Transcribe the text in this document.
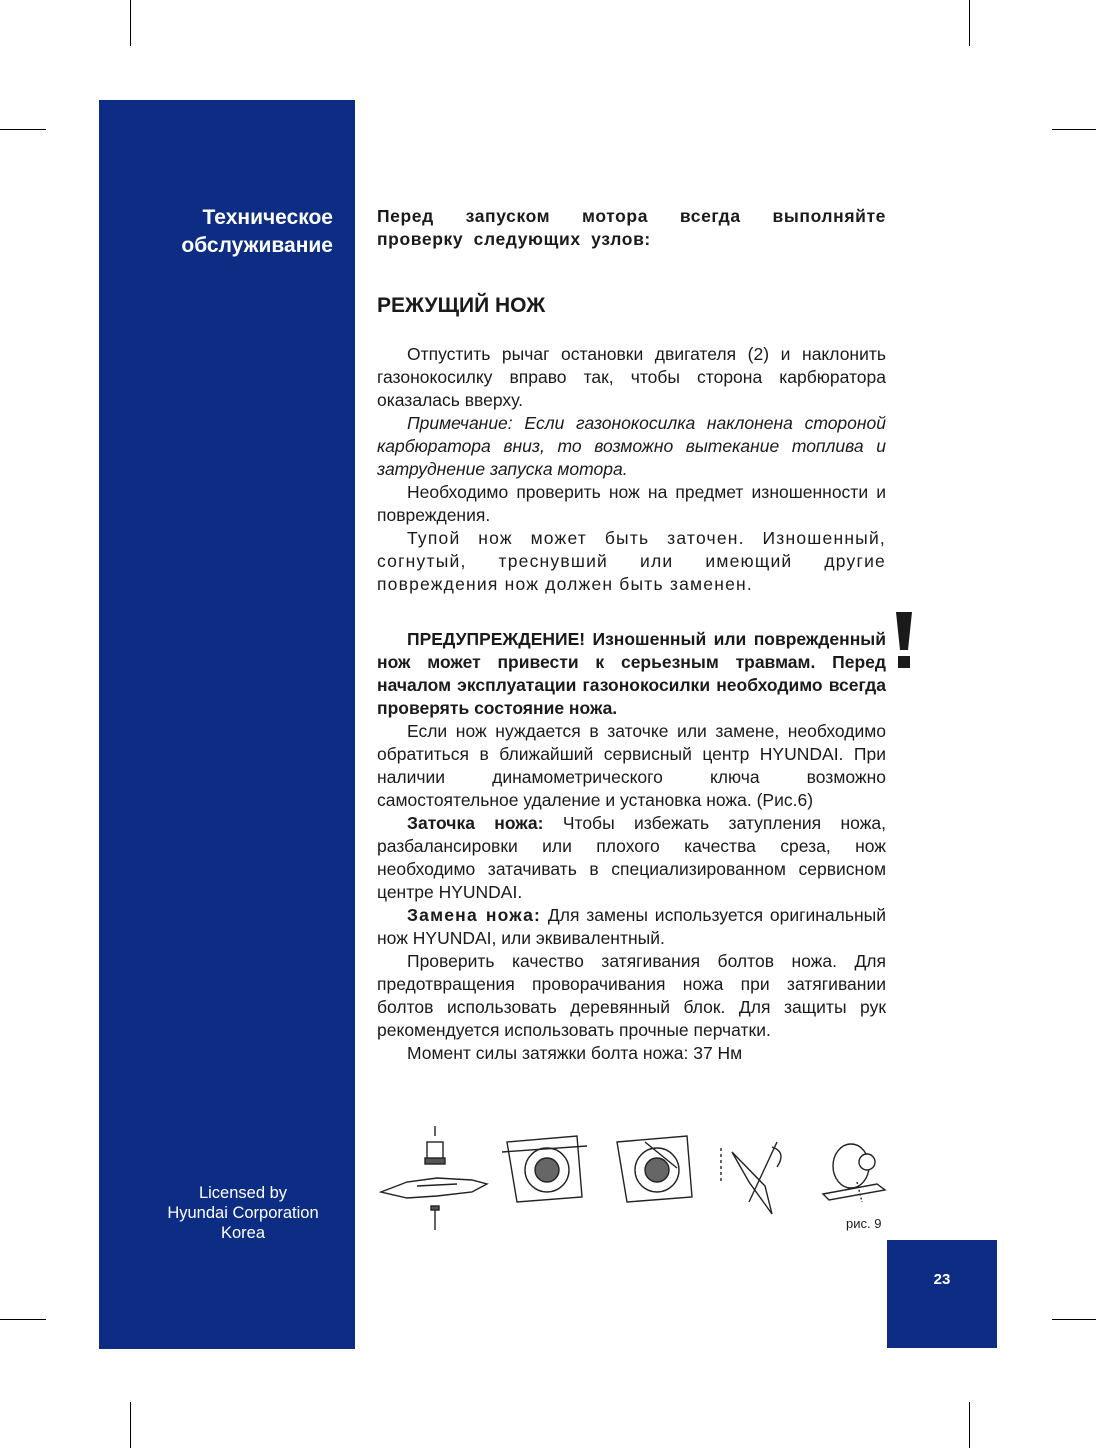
Техническое
обслуживание
Licensed by
Hyundai Corporation
Korea

Перед запуском мотора всегда выполняйте проверку следующих узлов:

РЕЖУЩИЙ НОЖ

Отпустить рычаг остановки двигателя (2) и наклонить газонокосилку вправо так, чтобы сторона карбюратора оказалась вверху.

Примечание: Если газонокосилка наклонена стороной карбюратора вниз, то возможно вытекание топлива и затруднение запуска мотора.

Необходимо проверить нож на предмет изношенности и повреждения.

Тупой нож может быть заточен. Изношенный, согнутый, треснувший или имеющий другие повреждения нож должен быть заменен.

ПРЕДУПРЕЖДЕНИЕ! Изношенный или поврежденный нож может привести к серьезным травмам. Перед началом эксплуатации газонокосилки необходимо всегда проверять состояние ножа.

Если нож нуждается в заточке или замене, необходимо обратиться в ближайший сервисный центр HYUNDAI. При наличии динамометрического ключа возможно самостоятельное удаление и установка ножа. (Рис.6)

Заточка ножа: Чтобы избежать затупления ножа, разбалансировки или плохого качества среза, нож необходимо затачивать в специализированном сервисном центре HYUNDAI.

Замена ножа: Для замены используется оригинальный нож HYUNDAI, или эквивалентный.

Проверить качество затягивания болтов ножа. Для предотвращения проворачивания ножа при затягивании болтов использовать деревянный блок. Для защиты рук рекомендуется использовать прочные перчатки.

Момент силы затяжки болта ножа: 37 Нм

рис. 9
23
